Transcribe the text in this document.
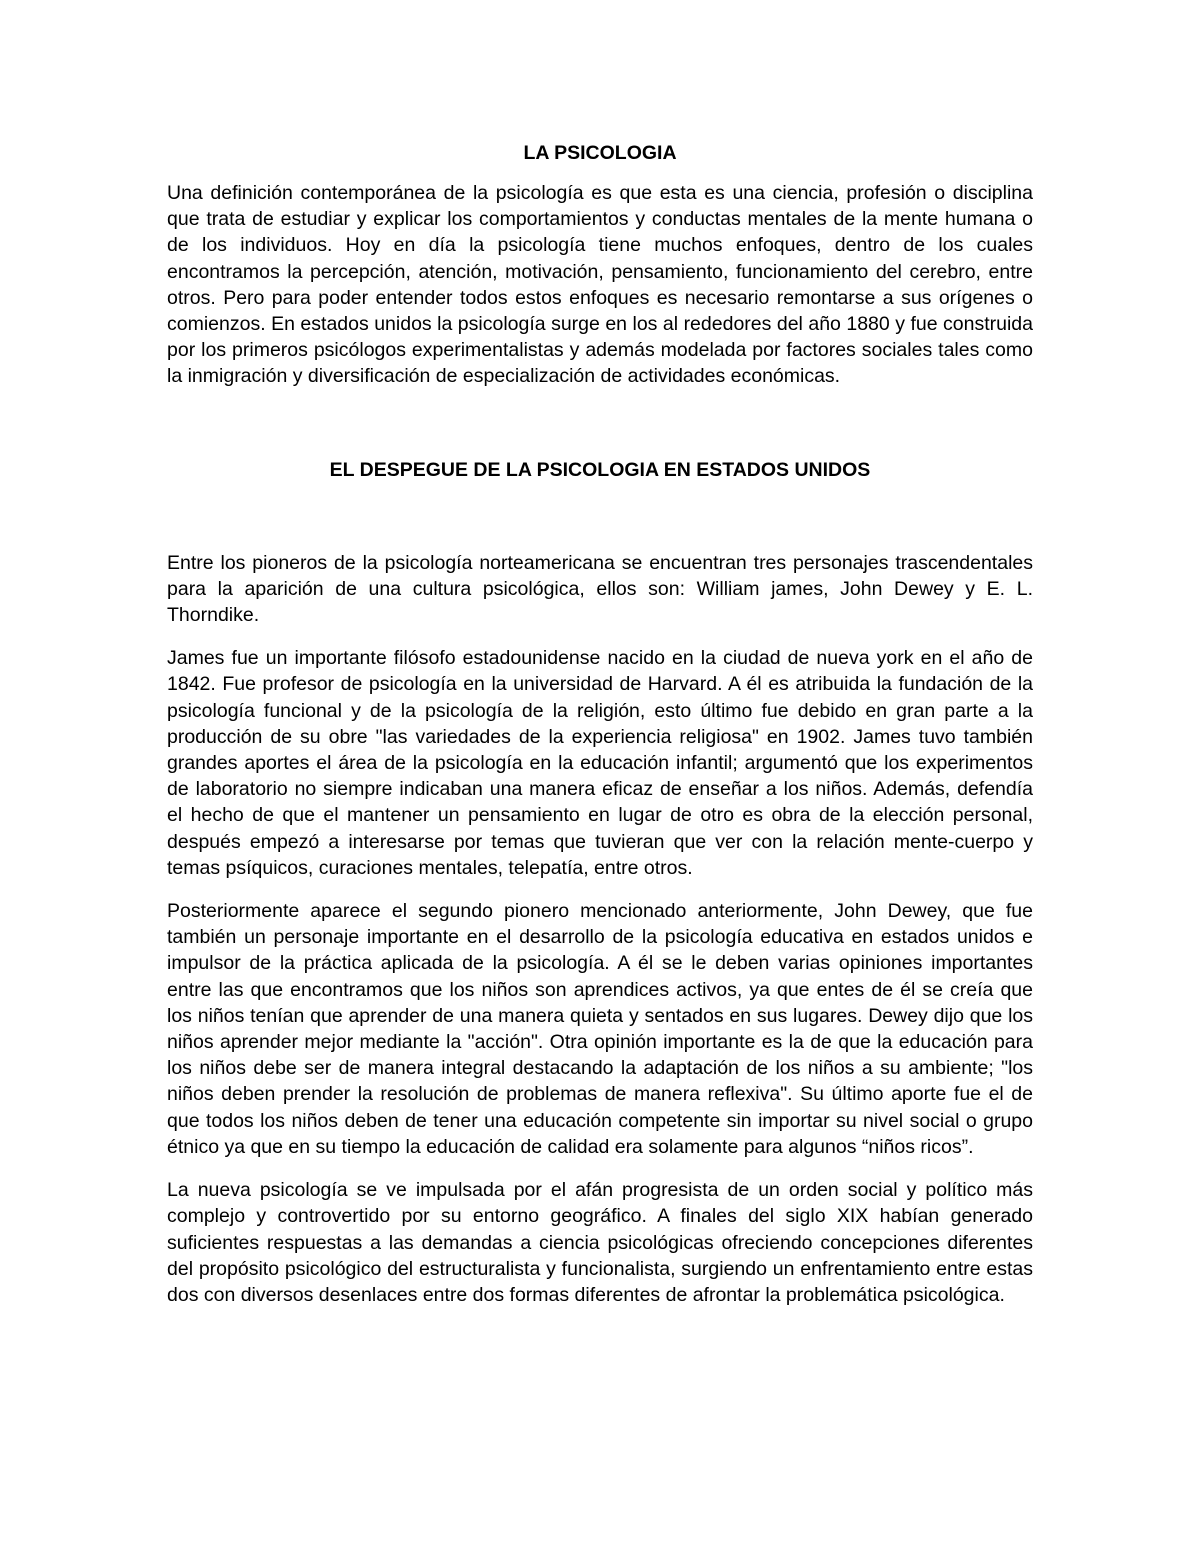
LA PSICOLOGIA

Una definición contemporánea de la psicología es que esta es una ciencia, profesión o disciplina que trata de estudiar y explicar los comportamientos y conductas mentales de la mente humana o de los individuos. Hoy en día la psicología tiene muchos enfoques, dentro de los cuales encontramos la percepción, atención, motivación, pensamiento, funcionamiento del cerebro, entre otros. Pero para poder entender todos estos enfoques es necesario remontarse a sus orígenes o comienzos. En estados unidos la psicología surge en los al rededores del año 1880 y fue construida por los primeros psicólogos experimentalistas y además modelada por factores sociales tales como la inmigración y diversificación de especialización de actividades económicas.

EL DESPEGUE DE LA PSICOLOGIA EN ESTADOS UNIDOS

Entre los pioneros de la psicología norteamericana se encuentran tres personajes trascendentales para la aparición de una cultura psicológica, ellos son: William james, John Dewey y E. L. Thorndike.

James fue un importante filósofo estadounidense nacido en la ciudad de nueva york en el año de 1842. Fue profesor de psicología en la universidad de Harvard. A él es atribuida la fundación de la psicología funcional y de la psicología de la religión, esto último fue debido en gran parte a la producción de su obre "las variedades de la experiencia religiosa" en 1902. James tuvo también grandes aportes el área de la psicología en la educación infantil; argumentó que los experimentos de laboratorio no siempre indicaban una manera eficaz de enseñar a los niños. Además, defendía el hecho de que el mantener un pensamiento en lugar de otro es obra de la elección personal, después empezó a interesarse por temas que tuvieran que ver con la relación mente-cuerpo y temas psíquicos, curaciones mentales, telepatía, entre otros.

Posteriormente aparece el segundo pionero mencionado anteriormente, John Dewey, que fue también un personaje importante en el desarrollo de la psicología educativa en estados unidos e impulsor de la práctica aplicada de la psicología. A él se le deben varias opiniones importantes entre las que encontramos que los niños son aprendices activos, ya que entes de él se creía que los niños tenían que aprender de una manera quieta y sentados en sus lugares. Dewey dijo que los niños aprender mejor mediante la "acción". Otra opinión importante es la de que la educación para los niños debe ser de manera integral destacando la adaptación de los niños a su ambiente; "los niños deben prender la resolución de problemas de manera reflexiva". Su último aporte fue el de que todos los niños deben de tener una educación competente sin importar su nivel social o grupo étnico ya que en su tiempo la educación de calidad era solamente para algunos “niños ricos”.

La nueva psicología se ve impulsada por el afán progresista de un orden social y político más complejo y controvertido por su entorno geográfico. A finales del siglo XIX habían generado suficientes respuestas a las demandas a ciencia psicológicas ofreciendo concepciones diferentes del propósito psicológico del estructuralista y funcionalista, surgiendo un enfrentamiento entre estas dos con diversos desenlaces entre dos formas diferentes de afrontar la problemática psicológica.
